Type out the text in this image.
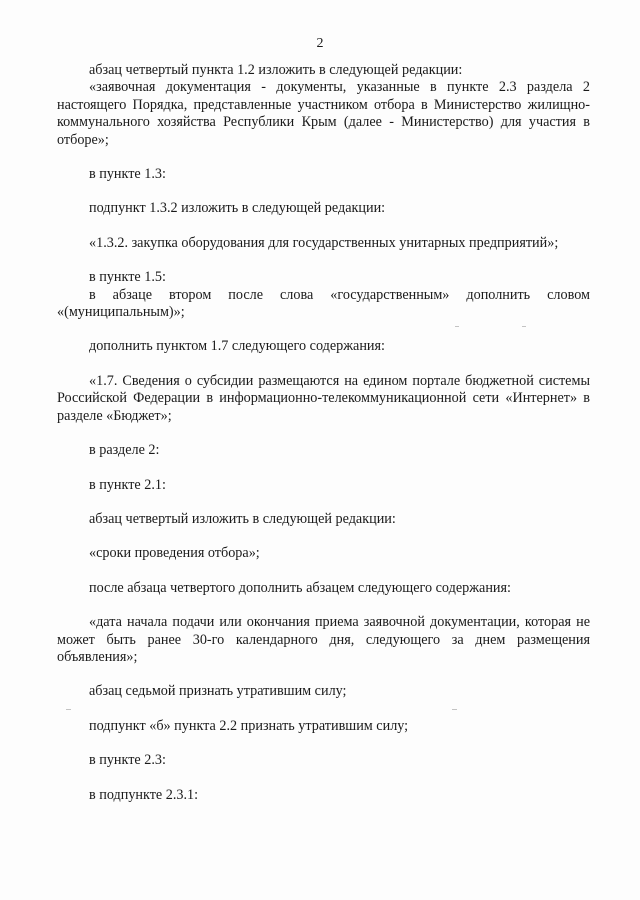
2

абзац четвертый пункта 1.2 изложить в следующей редакции:

«заявочная документация - документы, указанные в пункте 2.3 раздела 2 настоящего Порядка, представленные участником отбора в Министерство жилищно-коммунального хозяйства Республики Крым (далее - Министерство) для участия в отборе»;

в пункте 1.3:

подпункт 1.3.2 изложить в следующей редакции:

«1.3.2. закупка оборудования для государственных унитарных предприятий»;

в пункте 1.5:

в абзаце втором после слова «государственным» дополнить словом «(муниципальным)»;

дополнить пунктом 1.7 следующего содержания:

«1.7. Сведения о субсидии размещаются на едином портале бюджетной системы Российской Федерации в информационно-телекоммуникационной сети «Интернет» в разделе «Бюджет»;

в разделе 2:

в пункте 2.1:

абзац четвертый изложить в следующей редакции:

«сроки проведения отбора»;

после абзаца четвертого дополнить абзацем следующего содержания:

«дата начала подачи или окончания приема заявочной документации, которая не может быть ранее 30-го календарного дня, следующего за днем размещения объявления»;

абзац седьмой признать утратившим силу;

подпункт «б» пункта 2.2 признать утратившим силу;

в пункте 2.3:

в подпункте 2.3.1:
